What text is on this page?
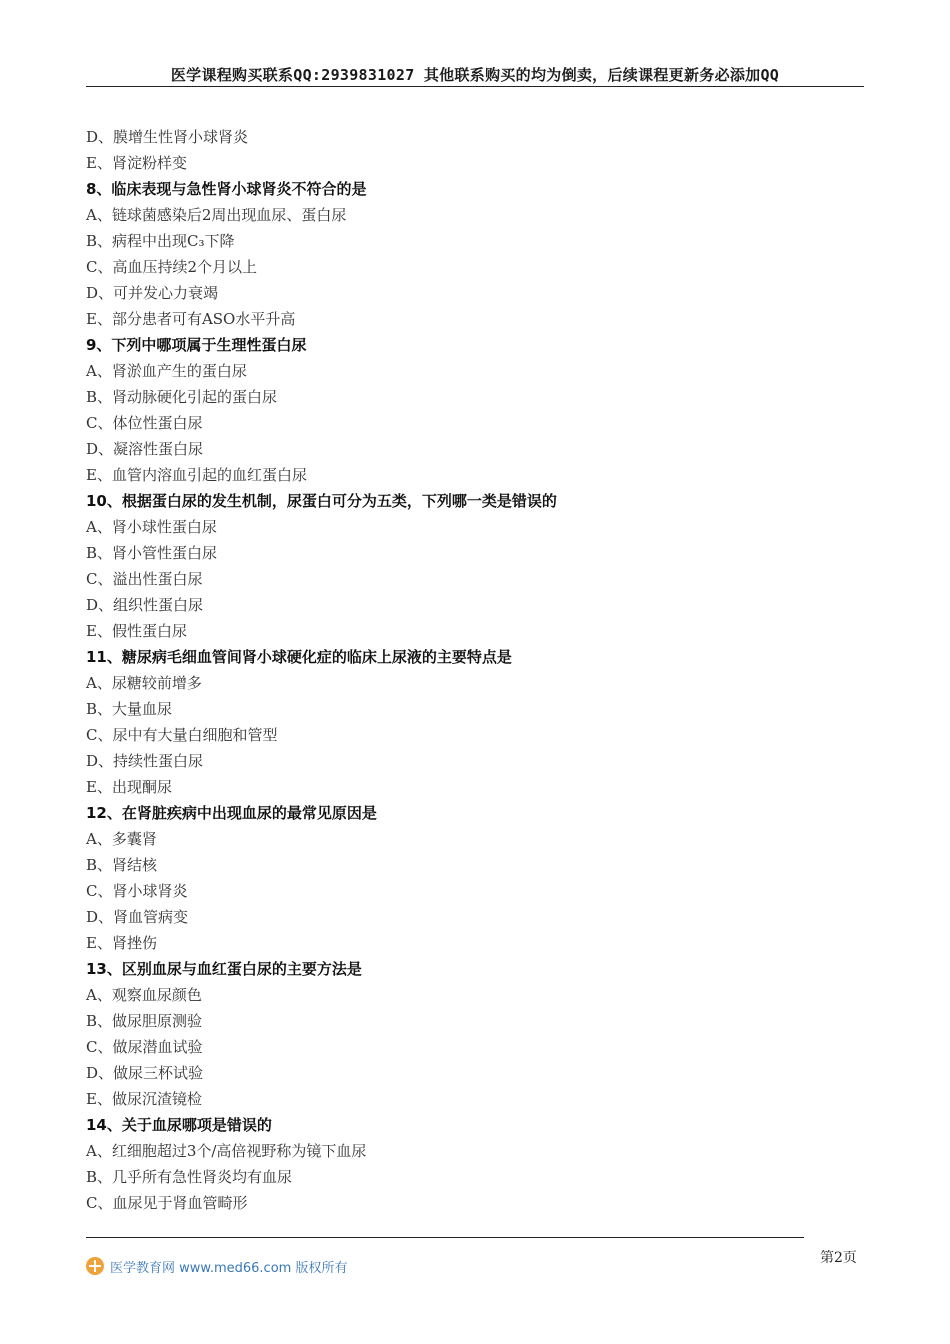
医学课程购买联系QQ:2939831027 其他联系购买的均为倒卖，后续课程更新务必添加QQ
D、膜增生性肾小球肾炎
E、肾淀粉样变
8、临床表现与急性肾小球肾炎不符合的是
A、链球菌感染后2周出现血尿、蛋白尿
B、病程中出现C₃下降
C、高血压持续2个月以上
D、可并发心力衰竭
E、部分患者可有ASO水平升高
9、下列中哪项属于生理性蛋白尿
A、肾淤血产生的蛋白尿
B、肾动脉硬化引起的蛋白尿
C、体位性蛋白尿
D、凝溶性蛋白尿
E、血管内溶血引起的血红蛋白尿
10、根据蛋白尿的发生机制，尿蛋白可分为五类，下列哪一类是错误的
A、肾小球性蛋白尿
B、肾小管性蛋白尿
C、溢出性蛋白尿
D、组织性蛋白尿
E、假性蛋白尿
11、糖尿病毛细血管间肾小球硬化症的临床上尿液的主要特点是
A、尿糖较前增多
B、大量血尿
C、尿中有大量白细胞和管型
D、持续性蛋白尿
E、出现酮尿
12、在肾脏疾病中出现血尿的最常见原因是
A、多囊肾
B、肾结核
C、肾小球肾炎
D、肾血管病变
E、肾挫伤
13、区别血尿与血红蛋白尿的主要方法是
A、观察血尿颜色
B、做尿胆原测验
C、做尿潜血试验
D、做尿三杯试验
E、做尿沉渣镜检
14、关于血尿哪项是错误的
A、红细胞超过3个/高倍视野称为镜下血尿
B、几乎所有急性肾炎均有血尿
C、血尿见于肾血管畸形
医学教育网 www.med66.com 版权所有
第2页
